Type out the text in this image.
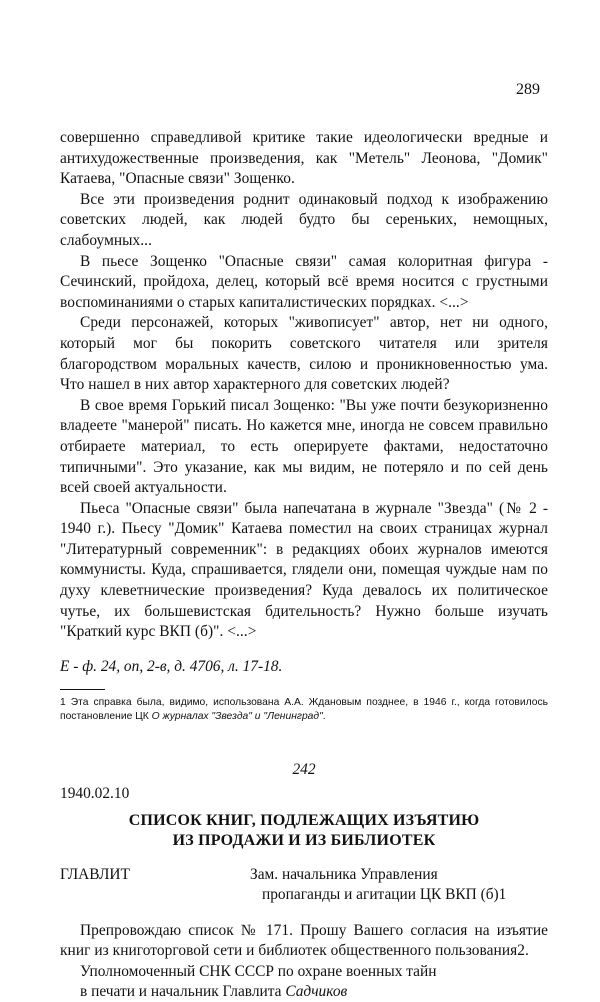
289

совершенно справедливой критике такие идеологически вредные и антихудожественные произведения, как "Метель" Леонова, "Домик" Катаева, "Опасные связи" Зощенко.

Все эти произведения роднит одинаковый подход к изображению советских людей, как людей будто бы сереньких, немощных, слабоумных...

В пьесе Зощенко "Опасные связи" самая колоритная фигура - Сечинский, пройдоха, делец, который всё время носится с грустными воспоминаниями о старых капиталистических порядках. <...>

Среди персонажей, которых "живописует" автор, нет ни одного, который мог бы покорить советского читателя или зрителя благородством моральных качеств, силою и проникновенностью ума. Что нашел в них автор характерного для советских людей?

В свое время Горький писал Зощенко: "Вы уже почти безукоризненно владеете "манерой" писать. Но кажется мне, иногда не совсем правильно отбираете материал, то есть оперируете фактами, недостаточно типичными". Это указание, как мы видим, не потеряло и по сей день всей своей актуальности.

Пьеса "Опасные связи" была напечатана в журнале "Звезда" (№ 2 - 1940 г.). Пьесу "Домик" Катаева поместил на своих страницах журнал "Литературный современник": в редакциях обоих журналов имеются коммунисты. Куда, спрашивается, глядели они, помещая чуждые нам по духу клеветнические произведения? Куда девалось их политическое чутье, их большевистская бдительность? Нужно больше изучать "Краткий курс ВКП (б)". <...>

Е - ф. 24, оп, 2-в, д. 4706, л. 17-18.
1 Эта справка была, видимо, использована А.А. Ждановым позднее, в 1946 г., когда готовилось постановление ЦК О журналах "Звезда" и "Ленинград".
242
1940.02.10
СПИСОК КНИГ, ПОДЛЕЖАЩИХ ИЗЪЯТИЮ
ИЗ ПРОДАЖИ И ИЗ БИБЛИОТЕК
ГЛАВЛИТ	Зам. начальника Управления
пропаганды и агитации ЦК ВКП (б)1

Препровождаю список № 171. Прошу Вашего согласия на изъятие книг из книготорговой сети и библиотек общественного пользования2.

Уполномоченный СНК СССР по охране военных тайн
в печати и начальник Главлита Садчиков
